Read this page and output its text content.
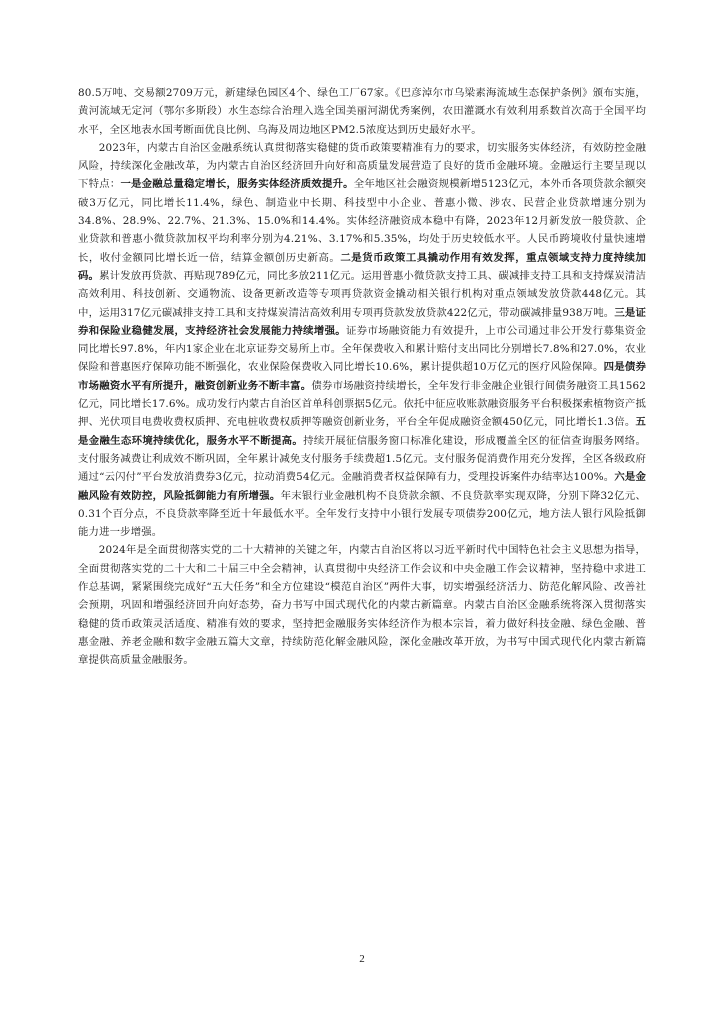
80.5万吨、交易额2709万元，新建绿色园区4个、绿色工厂67家。《巴彦淖尔市乌梁素海流域生态保护条例》颁布实施，黄河流域无定河（鄂尔多斯段）水生态综合治理入选全国美丽河湖优秀案例，农田灌溉水有效利用系数首次高于全国平均水平，全区地表水国考断面优良比例、乌海及周边地区PM2.5浓度达到历史最好水平。

2023年，内蒙古自治区金融系统认真贯彻落实稳健的货币政策要精准有力的要求，切实服务实体经济，有效防控金融风险，持续深化金融改革，为内蒙古自治区经济回升向好和高质量发展营造了良好的货币金融环境。金融运行主要呈现以下特点：一是金融总量稳定增长，服务实体经济质效提升。全年地区社会融资规模新增5123亿元，本外币各项贷款余额突破3万亿元，同比增长11.4%，绿色、制造业中长期、科技型中小企业、普惠小微、涉农、民营企业贷款增速分别为34.8%、28.9%、22.7%、21.3%、15.0%和14.4%。实体经济融资成本稳中有降，2023年12月新发放一般贷款、企业贷款和普惠小微贷款加权平均利率分别为4.21%、3.17%和5.35%，均处于历史较低水平。人民币跨境收付量快速增长，收付金额同比增长近一倍，结算金额创历史新高。二是货币政策工具撬动作用有效发挥，重点领域支持力度持续加码。累计发放再贷款、再贴现789亿元，同比多放211亿元。运用普惠小微贷款支持工具、碳减排支持工具和支持煤炭清洁高效利用、科技创新、交通物流、设备更新改造等专项再贷款资金撬动相关银行机构对重点领域发放贷款448亿元。其中，运用317亿元碳减排支持工具和支持煤炭清洁高效利用专项再贷款发放贷款422亿元，带动碳减排量938万吨。三是证券和保险业稳健发展，支持经济社会发展能力持续增强。证券市场融资能力有效提升，上市公司通过非公开发行募集资金同比增长97.8%，年内1家企业在北京证券交易所上市。全年保费收入和累计赔付支出同比分别增长7.8%和27.0%，农业保险和普惠医疗保障功能不断强化，农业保险保费收入同比增长10.6%，累计提供超10万亿元的医疗风险保障。四是债券市场融资水平有所提升，融资创新业务不断丰富。债券市场融资持续增长，全年发行非金融企业银行间债务融资工具1562亿元，同比增长17.6%。成功发行内蒙古自治区首单科创票据5亿元。依托中征应收账款融资服务平台积极探索植物资产抵押、光伏项目电费收费权质押、充电桩收费权质押等融资创新业务，平台全年促成融资金额450亿元，同比增长1.3倍。五是金融生态环境持续优化，服务水平不断提高。持续开展征信服务窗口标准化建设，形成覆盖全区的征信查询服务网络。支付服务减费让利成效不断巩固，全年累计减免支付服务手续费超1.5亿元。支付服务促消费作用充分发挥，全区各级政府通过“云闪付”平台发放消费券3亿元，拉动消费54亿元。金融消费者权益保障有力，受理投诉案件办结率达100%。六是金融风险有效防控，风险抵御能力有所增强。年末银行业金融机构不良贷款余额、不良贷款率实现双降，分别下降32亿元、0.31个百分点，不良贷款率降至近十年最低水平。全年发行支持中小银行发展专项债券200亿元，地方法人银行风险抵御能力进一步增强。

2024年是全面贯彻落实党的二十大精神的关键之年，内蒙古自治区将以习近平新时代中国特色社会主义思想为指导，全面贯彻落实党的二十大和二十届三中全会精神，认真贯彻中央经济工作会议和中央金融工作会议精神，坚持稳中求进工作总基调，紧紧围绕完成好“五大任务”和全方位建设“模范自治区”两件大事，切实增强经济活力、防范化解风险、改善社会预期，巩固和增强经济回升向好态势，奋力书写中国式现代化的内蒙古新篇章。内蒙古自治区金融系统将深入贯彻落实稳健的货币政策灵活适度、精准有效的要求，坚持把金融服务实体经济作为根本宗旨，着力做好科技金融、绿色金融、普惠金融、养老金融和数字金融五篇大文章，持续防范化解金融风险，深化金融改革开放，为书写中国式现代化内蒙古新篇章提供高质量金融服务。

2
